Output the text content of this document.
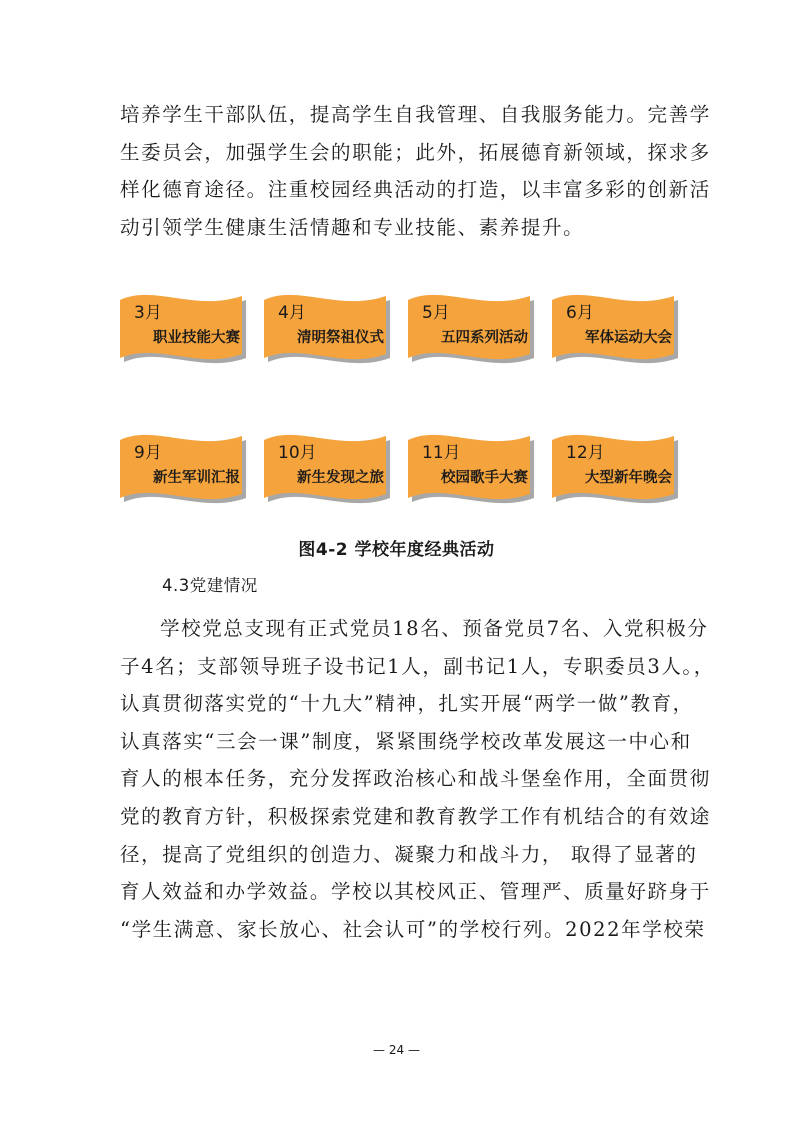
培养学生干部队伍，提高学生自我管理、自我服务能力。完善学
生委员会，加强学生会的职能；此外，拓展德育新领域，探求多
样化德育途径。注重校园经典活动的打造，以丰富多彩的创新活
动引领学生健康生活情趣和专业技能、素养提升。
3月
职业技能大赛
4月
清明祭祖仪式
5月
五四系列活动
6月
军体运动大会
9月
新生军训汇报
10月
新生发现之旅
11月
校园歌手大赛
12月
大型新年晚会
图4-2 学校年度经典活动
4.3党建情况
学校党总支现有正式党员18名、预备党员7名、入党积极分
子4名；支部领导班子设书记1人，副书记1人，专职委员3人。，
认真贯彻落实党的“十九大”精神，扎实开展“两学一做”教育，
认真落实“三会一课”制度，紧紧围绕学校改革发展这一中心和
育人的根本任务，充分发挥政治核心和战斗堡垒作用，全面贯彻
党的教育方针，积极探索党建和教育教学工作有机结合的有效途
径，提高了党组织的创造力、凝聚力和战斗力， 取得了显著的
育人效益和办学效益。学校以其校风正、管理严、质量好跻身于
“学生满意、家长放心、社会认可”的学校行列。2022年学校荣
— 24 —
